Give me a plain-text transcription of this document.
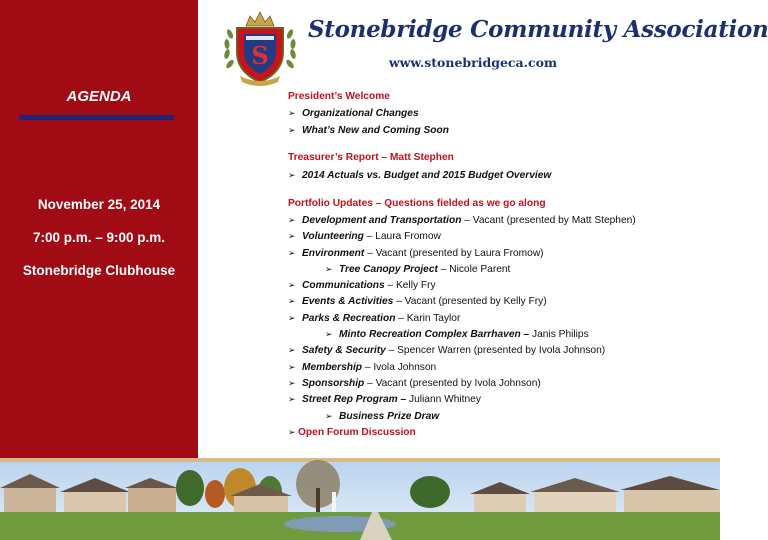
AGENDA
November 25, 2014
7:00 p.m. – 9:00 p.m.
Stonebridge Clubhouse
S
Stonebridge Community Association
www.stonebridgeca.com
President’s Welcome
➢ Organizational Changes
➢ What’s New and Coming Soon
Treasurer’s Report – Matt Stephen
➢ 2014 Actuals vs. Budget and 2015 Budget Overview
Portfolio Updates – Questions fielded as we go along
➢ Development and Transportation – Vacant (presented by Matt Stephen)
➢ Volunteering – Laura Fromow
➢ Environment – Vacant (presented by Laura Fromow)
➢ Tree Canopy Project – Nicole Parent
➢ Communications – Kelly Fry
➢ Events & Activities – Vacant (presented by Kelly Fry)
➢ Parks & Recreation – Karin Taylor
➢ Minto Recreation Complex Barrhaven – Janis Philips
➢ Safety & Security – Spencer Warren (presented by Ivola Johnson)
➢ Membership – Ivola Johnson
➢ Sponsorship – Vacant (presented by Ivola Johnson)
➢ Street Rep Program – Juliann Whitney
➢ Business Prize Draw
➢ Open Forum Discussion
